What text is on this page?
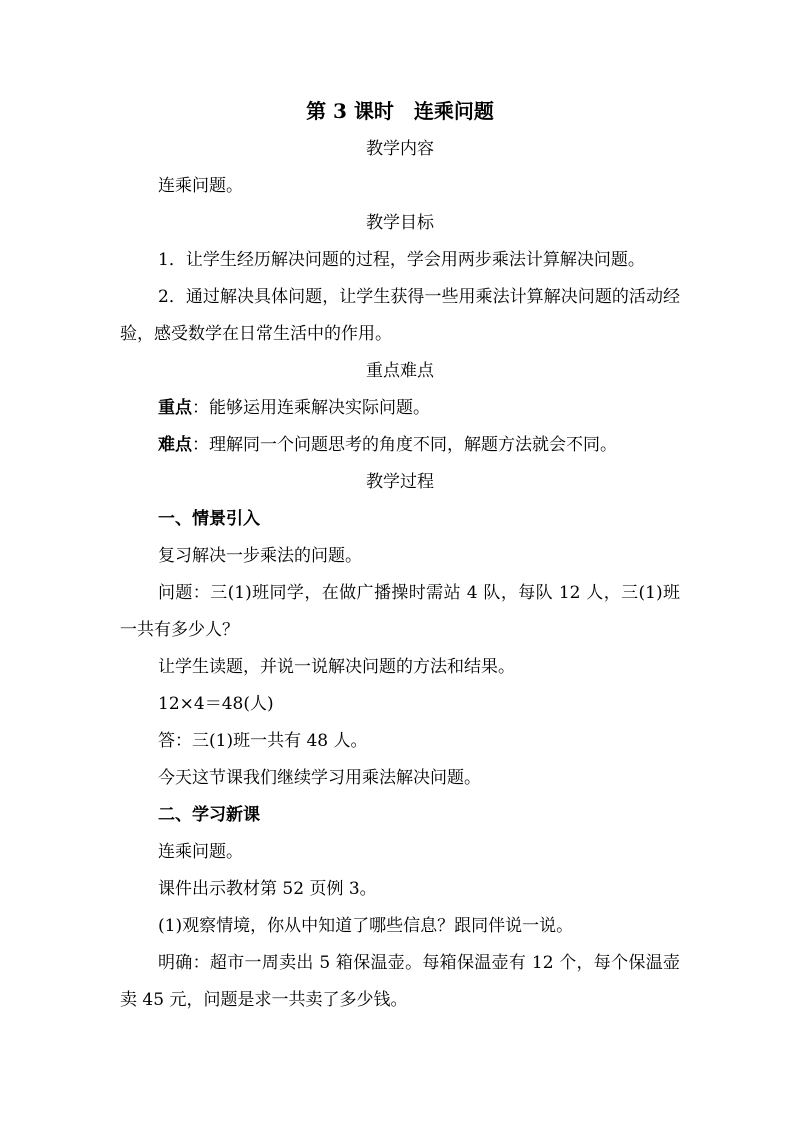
第 3 课时　连乘问题
教学内容

连乘问题。

教学目标

1．让学生经历解决问题的过程，学会用两步乘法计算解决问题。

2．通过解决具体问题，让学生获得一些用乘法计算解决问题的活动经验，感受数学在日常生活中的作用。

重点难点

重点：能够运用连乘解决实际问题。

难点：理解同一个问题思考的角度不同，解题方法就会不同。

教学过程

一、情景引入

复习解决一步乘法的问题。

问题：三(1)班同学，在做广播操时需站 4 队，每队 12 人，三(1)班一共有多少人？

让学生读题，并说一说解决问题的方法和结果。

12×4＝48(人)

答：三(1)班一共有 48 人。

今天这节课我们继续学习用乘法解决问题。

二、学习新课

连乘问题。

课件出示教材第 52 页例 3。

(1)观察情境，你从中知道了哪些信息？跟同伴说一说。

明确：超市一周卖出 5 箱保温壶。每箱保温壶有 12 个，每个保温壶卖 45 元，问题是求一共卖了多少钱。
